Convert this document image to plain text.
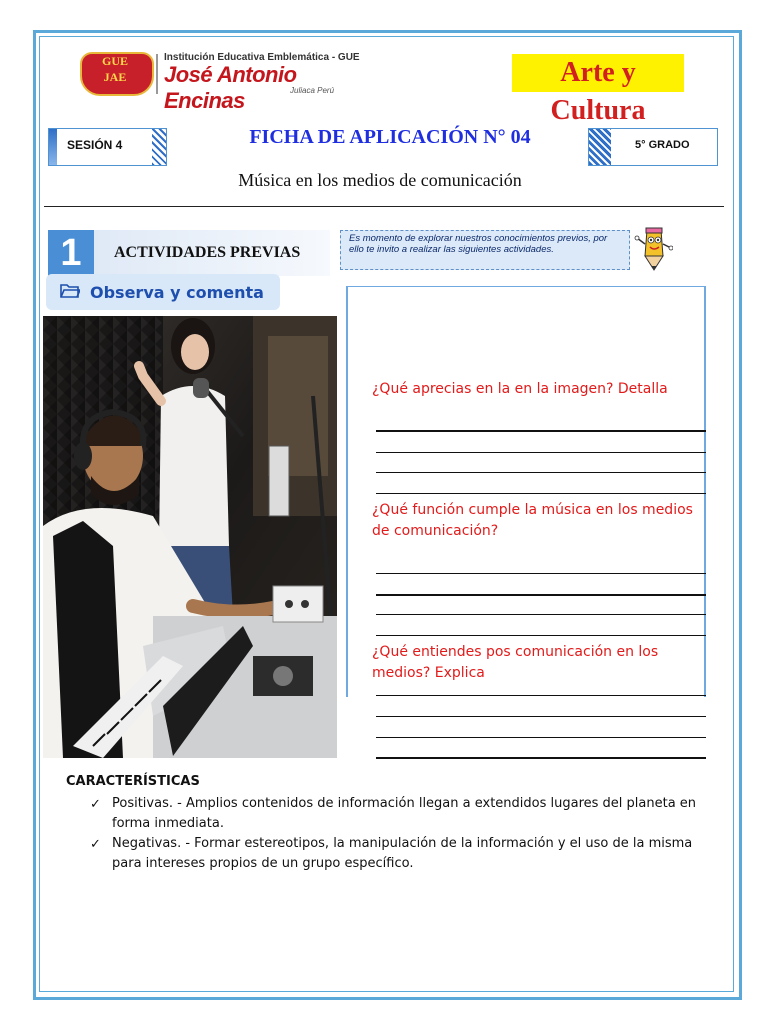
GUE
JAE
Institución Educativa Emblemática - GUE
José Antonio Encinas	Juliaca Perú
Arte y Cultura
SESIÓN 4	FICHA DE APLICACIÓN N° 04	5° GRADO
Música en los medios de comunicación
1	ACTIVIDADES PREVIAS
Es momento de explorar nuestros conocimientos previos, por ello te invito a realizar las siguientes actividades.
Observa y comenta
¿Qué aprecias en la en la imagen? Detalla
¿Qué función cumple la música en los medios de comunicación?
¿Qué entiendes pos comunicación en los medios? Explica
CARACTERÍSTICAS
✓ Positivas. - Amplios contenidos de información llegan a extendidos lugares del planeta en forma inmediata.
✓ Negativas. - Formar estereotipos, la manipulación de la información y el uso de la misma para intereses propios de un grupo específico.
